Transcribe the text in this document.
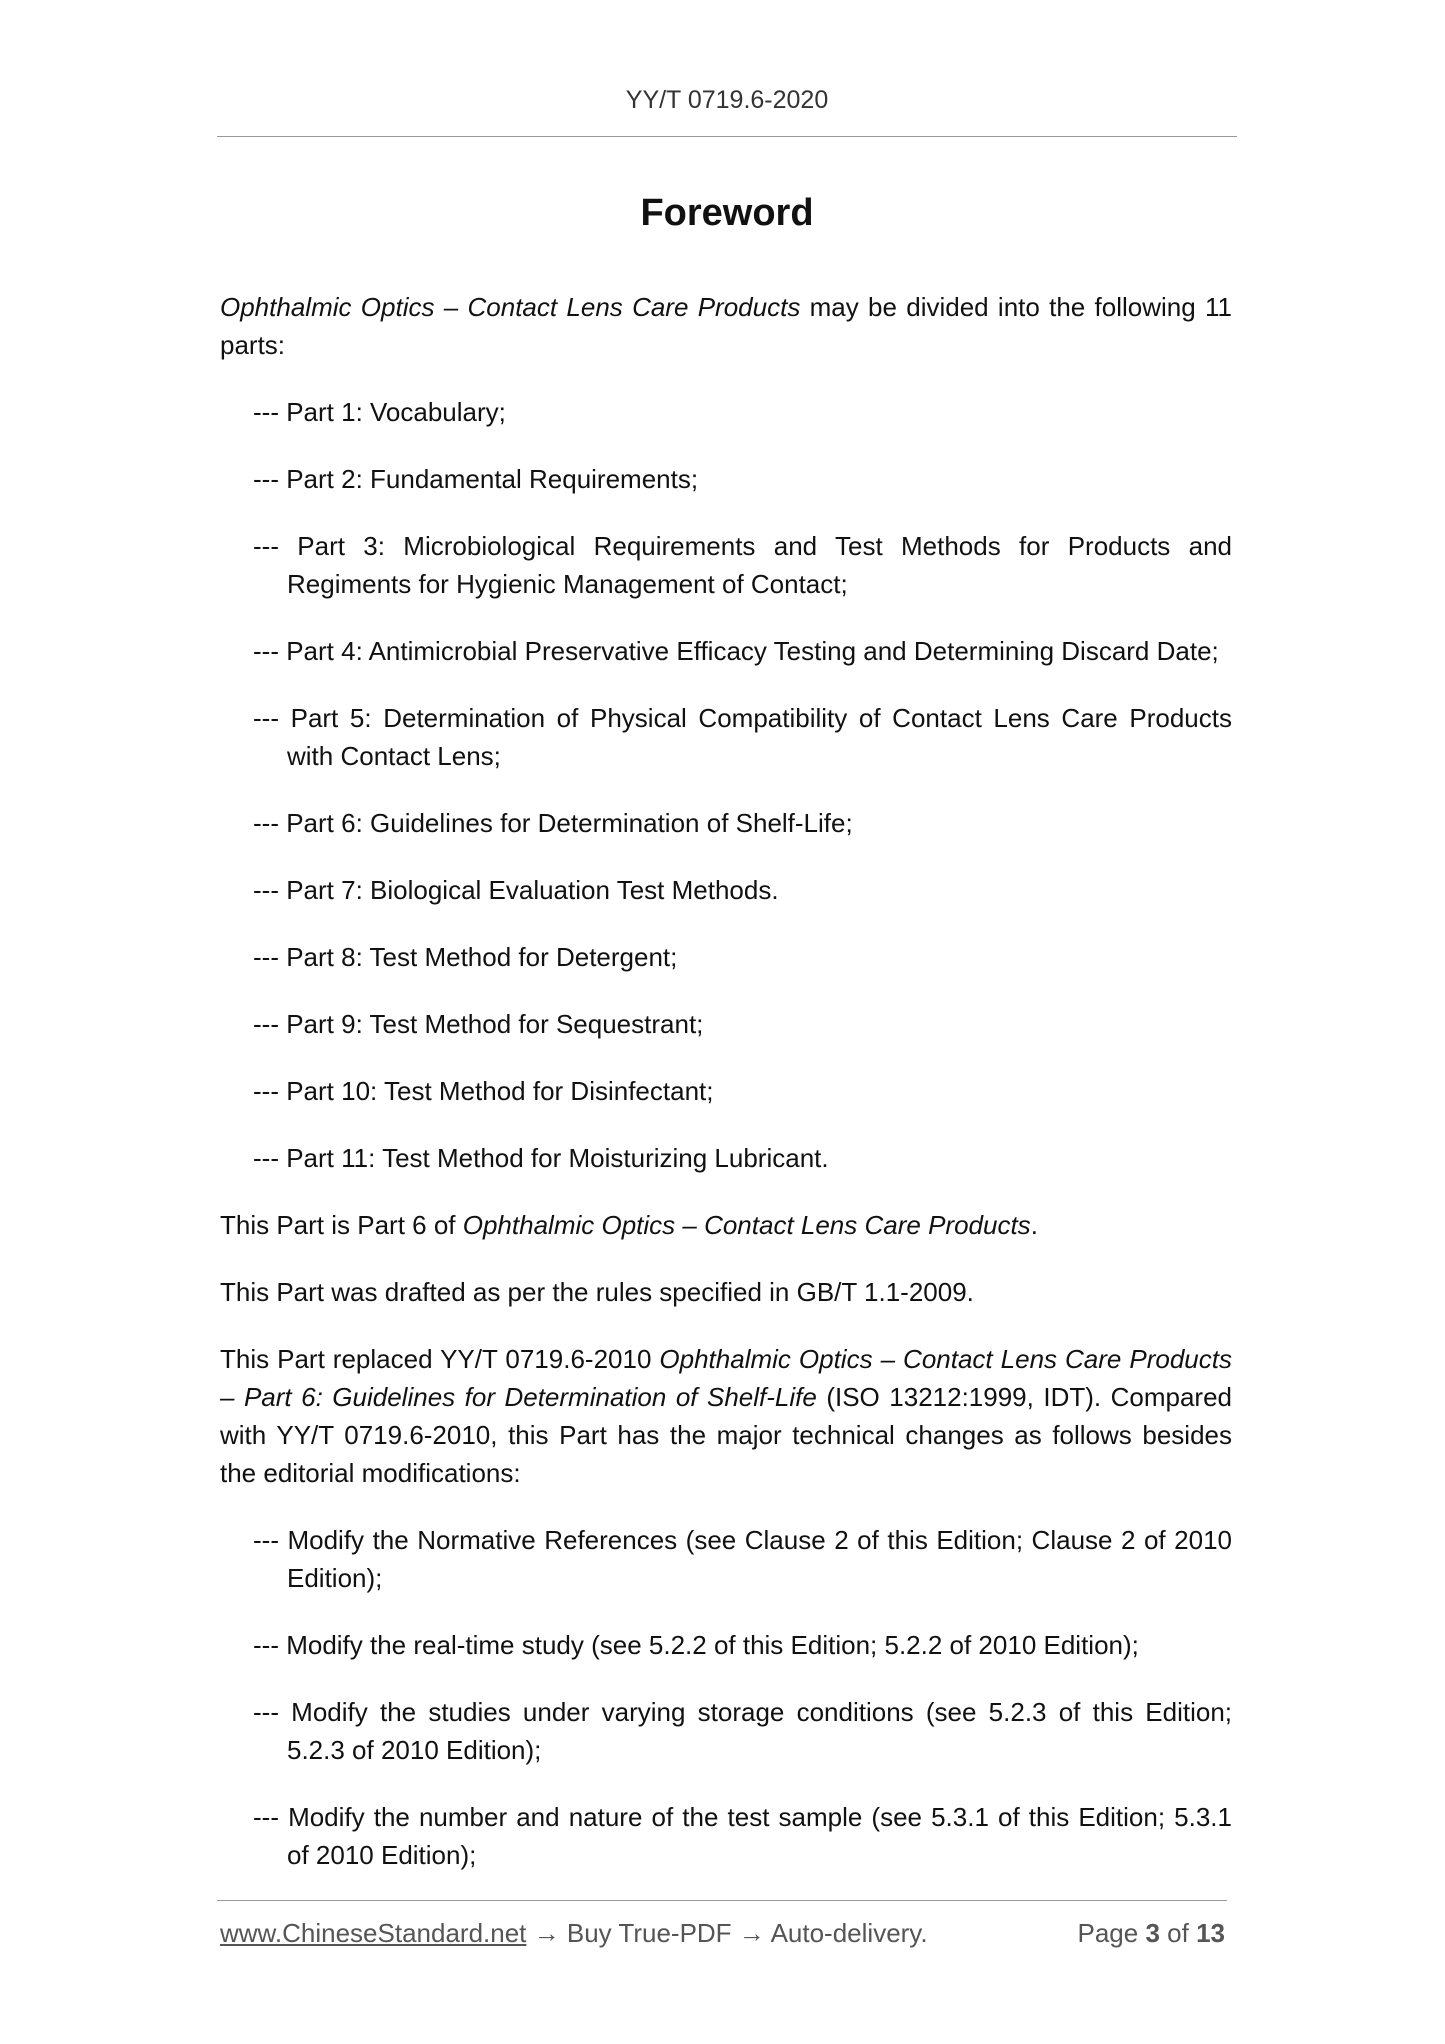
YY/T 0719.6-2020
Foreword

Ophthalmic Optics – Contact Lens Care Products may be divided into the following 11 parts:

--- Part 1: Vocabulary;

--- Part 2: Fundamental Requirements;

--- Part 3: Microbiological Requirements and Test Methods for Products and Regiments for Hygienic Management of Contact;

--- Part 4: Antimicrobial Preservative Efficacy Testing and Determining Discard Date;

--- Part 5: Determination of Physical Compatibility of Contact Lens Care Products with Contact Lens;

--- Part 6: Guidelines for Determination of Shelf-Life;

--- Part 7: Biological Evaluation Test Methods.

--- Part 8: Test Method for Detergent;

--- Part 9: Test Method for Sequestrant;

--- Part 10: Test Method for Disinfectant;

--- Part 11: Test Method for Moisturizing Lubricant.

This Part is Part 6 of Ophthalmic Optics – Contact Lens Care Products.

This Part was drafted as per the rules specified in GB/T 1.1-2009.

This Part replaced YY/T 0719.6-2010 Ophthalmic Optics – Contact Lens Care Products – Part 6: Guidelines for Determination of Shelf-Life (ISO 13212:1999, IDT). Compared with YY/T 0719.6-2010, this Part has the major technical changes as follows besides the editorial modifications:

--- Modify the Normative References (see Clause 2 of this Edition; Clause 2 of 2010 Edition);

--- Modify the real-time study (see 5.2.2 of this Edition; 5.2.2 of 2010 Edition);

--- Modify the studies under varying storage conditions (see 5.2.3 of this Edition; 5.2.3 of 2010 Edition);

--- Modify the number and nature of the test sample (see 5.3.1 of this Edition; 5.3.1 of 2010 Edition);

www.ChineseStandard.net → Buy True-PDF → Auto-delivery.	Page 3 of 13
